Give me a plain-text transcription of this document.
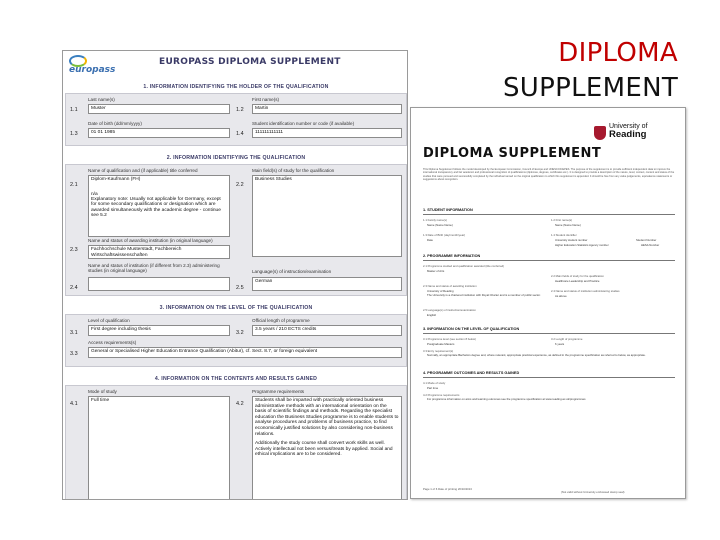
DIPLOMA
SUPPLEMENT
europass
EUROPASS DIPLOMA SUPPLEMENT
1. INFORMATION IDENTIFYING THE HOLDER OF THE QUALIFICATION
1.1
Last name(s)
Muster	1.2
First name(s)
Martin
1.3
Date of birth (dd/mm/yyyy)
01 01 1985	1.4
Student identification number or code (if available)
111111111111
2. INFORMATION IDENTIFYING THE QUALIFICATION
2.1
Name of qualification and (if applicable) title conferred
Diplom-Kaufmann (FH)
n/a
Explanatory note: Usually not applicable for Germany, except for some secondary qualifications or designation which are awarded simultaneously with the academic degree - continue see 5.2
2.2
Main field(s) of study for the qualification
Business Studies
2.3
Name and status of awarding institution (in original language)
Fachhochschule Musterstadt, Fachbereich Wirtschaftswissenschaften
2.4
Name and status of institution (if different from 2.3) administering studies (in original language)
2.5
Language(s) of instruction/examination
German
3. INFORMATION ON THE LEVEL OF THE QUALIFICATION
3.1
Level of qualification
First degree including thesis
3.2
Official length of programme
3.5 years / 210 ECTS credits
3.3
Access requirements(s)
General or Specialised Higher Education Entrance Qualification (Abitur), cf. Sect. 8.7, or foreign equivalent
4. INFORMATION ON THE CONTENTS AND RESULTS GAINED
4.1
Mode of study
Full time
4.2
Programme requirements
Students shall be imparted with practically oriented business administrative methods with an international orientation on the basis of scientific findings and methods. Regarding the specialist education the Business Studies programme is to enable students to analyse procedures and problems of business practice, to find economically justified solutions by also considering non-business relations.
Additionally the study course shall convert work skills as well. Actively intellectual not been versus/treats by applied. Social and ethical implications are to be considered.
University of
Reading
DIPLOMA SUPPLEMENT
This Diploma Supplement follows the model developed by the European Commission, Council of Europe and UNESCO/CEPES. The purpose of the supplement is to provide sufficient independent data to improve the international transparency and fair academic and professional recognition of qualifications (diplomas, degrees, certificates etc.). It is designed to provide a description of the nature, level, context, content and status of the studies that were pursued and successfully completed by the individual named on the original qualification to which this supplement is appended. It should be free from any value judgements, equivalence statements or suggestions about recognition.
1. STUDENT INFORMATION
1.1 Family name(s)
Name (Name Name)
1.2 First name(s)
Name (Name Name)
1.3 Date of Birth (day/month/year)
Date
1.4 Student identifier
University student number	Student Number
Higher Education Statistics Agency number	HESA Number
2. PROGRAMME INFORMATION
2.1 Programme studied and qualification awarded (title conferred)
Master of Arts
2.2 Main fields of study for the qualification
Healthcare Leadership and Practice
2.3 Name and status of awarding institution
University of Reading
The University is a chartered institution with Royal Charter and is a member of public sector.
2.4 Name and status of institution administering studies
As above
2.5 Language(s) of instruction/examination
English
3. INFORMATION ON THE LEVEL OF QUALIFICATION
3.1 Programme level (see section 8 below)
Postgraduate Masters
3.2 Length of programme
6 years
3.3 Entry requirement(s)
Normally, an appropriate Bachelors degree and, where relevant, appropriate practical experience, as defined in the programme specification as referred to below, as appropriate.
4. PROGRAMME OUTCOMES AND RESULTS GAINED
4.1 Mode of study
Part time
4.2 Programme requirements
For programme information on aims and learning outcomes see the programme specification at www.reading.ac.uk/programmes
Page 1 of 6 Date of printing 20/10/2013
(Not valid without University embossed stamp seal)
